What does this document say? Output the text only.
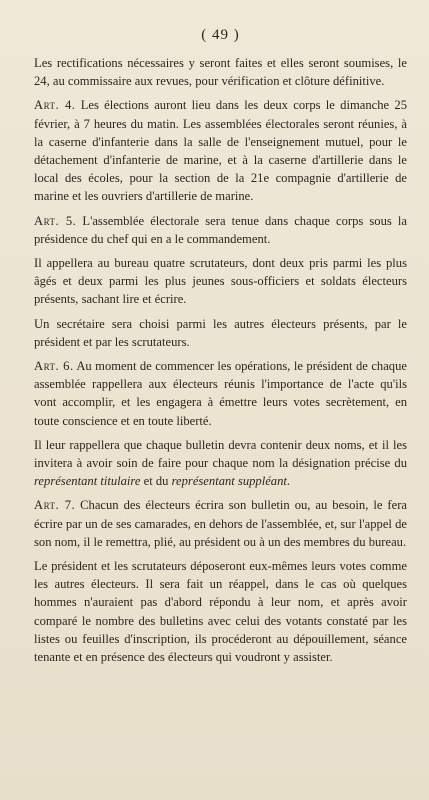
( 49 )

Les rectifications nécessaires y seront faites et elles seront soumises, le 24, au commissaire aux revues, pour vérification et clôture définitive.

Art. 4. Les élections auront lieu dans les deux corps le dimanche 25 février, à 7 heures du matin. Les assemblées électorales seront réunies, à la caserne d'infanterie dans la salle de l'enseignement mutuel, pour le détachement d'infanterie de marine, et à la caserne d'artillerie dans le local des écoles, pour la section de la 21e compagnie d'artillerie de marine et les ouvriers d'artillerie de marine.

Art. 5. L'assemblée électorale sera tenue dans chaque corps sous la présidence du chef qui en a le commandement.

Il appellera au bureau quatre scrutateurs, dont deux pris parmi les plus âgés et deux parmi les plus jeunes sous-officiers et soldats électeurs présents, sachant lire et écrire.

Un secrétaire sera choisi parmi les autres électeurs présents, par le président et par les scrutateurs.

Art. 6. Au moment de commencer les opérations, le président de chaque assemblée rappellera aux électeurs réunis l'importance de l'acte qu'ils vont accomplir, et les engagera à émettre leurs votes secrètement, en toute conscience et en toute liberté.

Il leur rappellera que chaque bulletin devra contenir deux noms, et il les invitera à avoir soin de faire pour chaque nom la désignation précise du représentant titulaire et du représentant suppléant.

Art. 7. Chacun des électeurs écrira son bulletin ou, au besoin, le fera écrire par un de ses camarades, en dehors de l'assemblée, et, sur l'appel de son nom, il le remettra, plié, au président ou à un des membres du bureau.

Le président et les scrutateurs déposeront eux-mêmes leurs votes comme les autres électeurs. Il sera fait un réappel, dans le cas où quelques hommes n'auraient pas d'abord répondu à leur nom, et après avoir comparé le nombre des bulletins avec celui des votants constaté par les listes ou feuilles d'inscription, ils procéderont au dépouillement, séance tenante et en présence des électeurs qui voudront y assister.
